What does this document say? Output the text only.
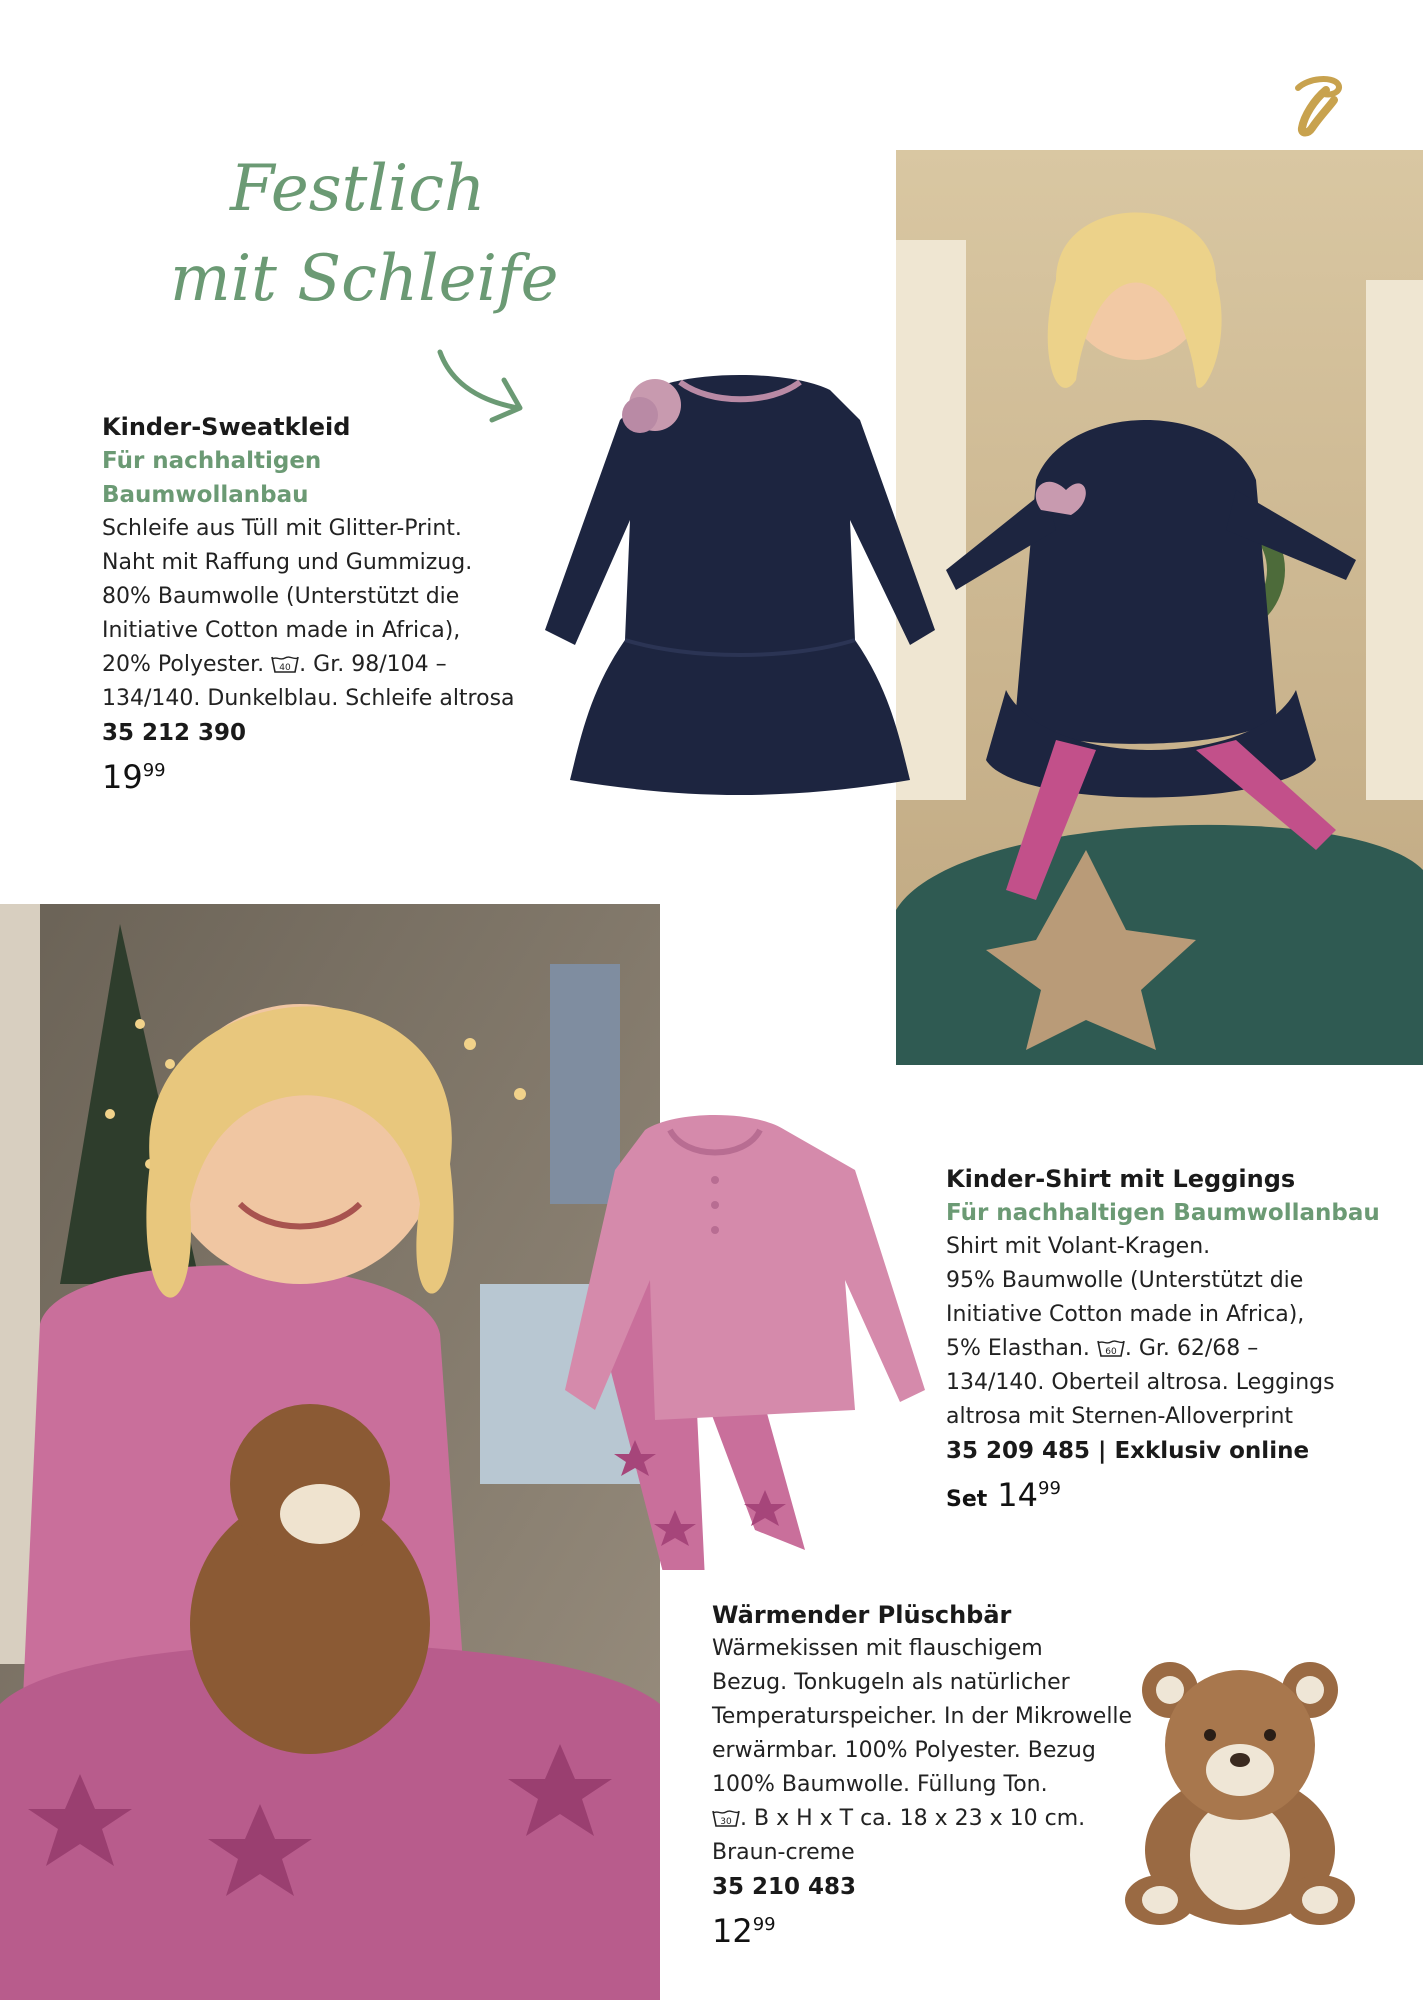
Festlich
mit Schleife
Kinder-Sweatkleid
Für nachhaltigen
Baumwollanbau
Schleife aus Tüll mit Glitter-Print.
Naht mit Raffung und Gummizug.
80% Baumwolle (Unterstützt die
Initiative Cotton made in Africa),
20% Polyester. 40 . Gr. 98/104 –
134/140. Dunkelblau. Schleife altrosa
35 212 390
$19^{99}$
Kinder-Shirt mit Leggings
Für nachhaltigen Baumwollanbau
Shirt mit Volant-Kragen.
95% Baumwolle (Unterstützt die
Initiative Cotton made in Africa),
5% Elasthan. 60 . Gr. 62/68 –
134/140. Oberteil altrosa. Leggings
altrosa mit Sternen-Alloverprint
35 209 485 | Exklusiv online
Set $14^{99}$
Wärmender Plüschbär
Wärmekissen mit flauschigem
Bezug. Tonkugeln als natürlicher
Temperaturspeicher. In der Mikrowelle
erwärmbar. 100% Polyester. Bezug
100% Baumwolle. Füllung Ton.
30 . B x H x T ca. 18 x 23 x 10 cm.
Braun-creme
35 210 483
$12^{99}$
